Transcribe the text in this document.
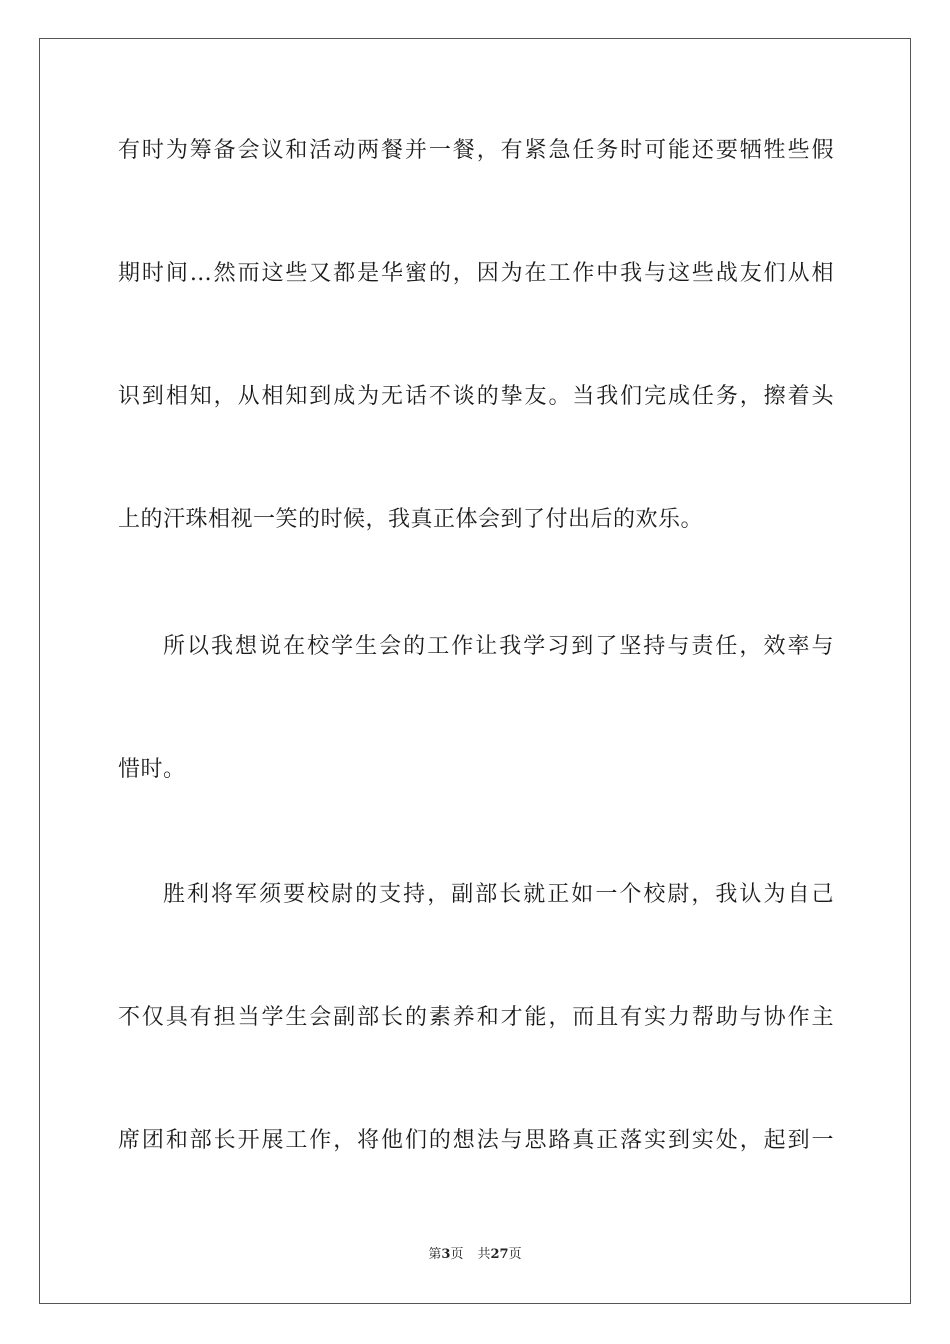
有时为筹备会议和活动两餐并一餐，有紧急任务时可能还要牺牲些假
期时间…然而这些又都是华蜜的，因为在工作中我与这些战友们从相
识到相知，从相知到成为无话不谈的挚友。当我们完成任务，擦着头
上的汗珠相视一笑的时候，我真正体会到了付出后的欢乐。
所以我想说在校学生会的工作让我学习到了坚持与责任，效率与
惜时。
胜利将军须要校尉的支持，副部长就正如一个校尉，我认为自己
不仅具有担当学生会副部长的素养和才能，而且有实力帮助与协作主
席团和部长开展工作，将他们的想法与思路真正落实到实处，起到一
第3页 共27页
